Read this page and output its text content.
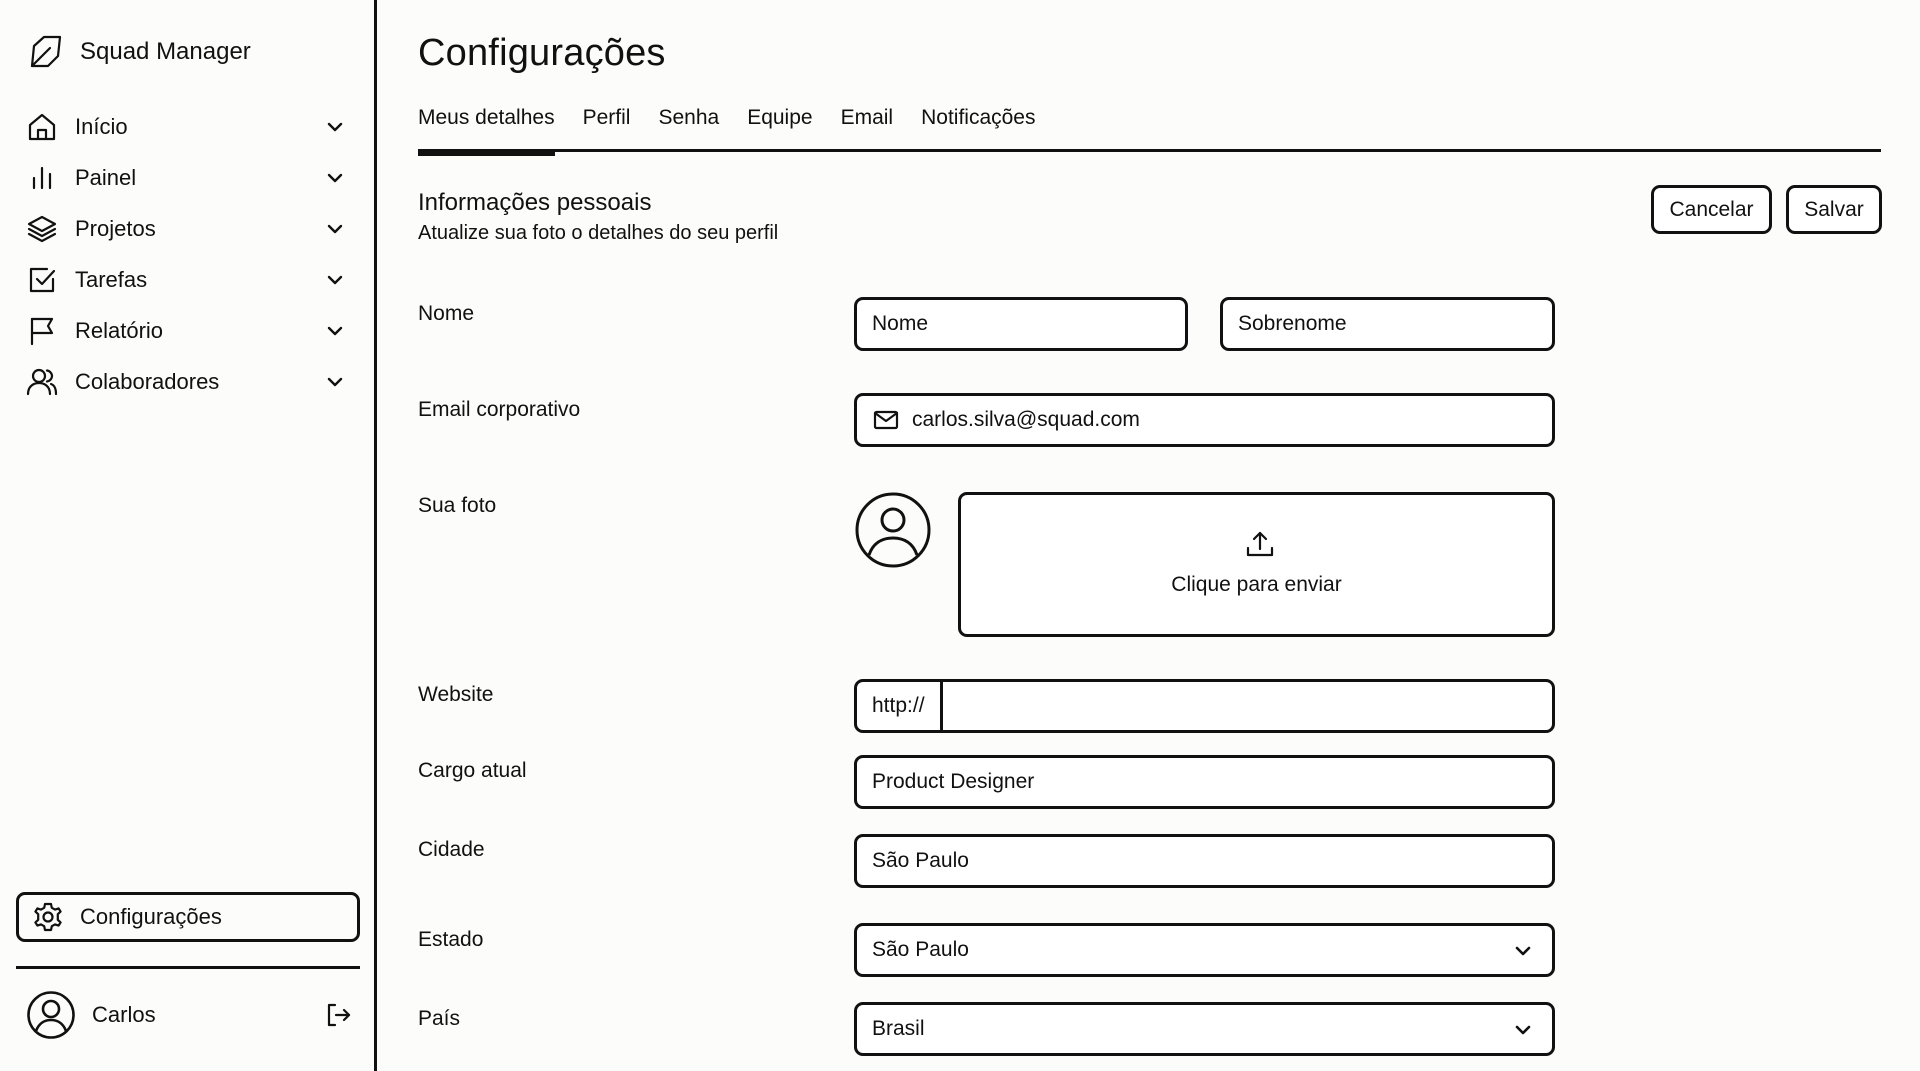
Squad Manager
Início
Painel
Projetos
Tarefas
Relatório
Colaboradores
Configurações
Carlos
Configurações
Meus detalhes Perfil Senha Equipe Email Notificações
Informações pessoais
Atualize sua foto o detalhes do seu perfil
Cancelar	Salvar
Nome	Nome	Sobrenome
Email corporativo	carlos.silva@squad.com
Sua foto
Clique para enviar
Website	http://
Cargo atual	Product Designer
Cidade	São Paulo
Estado	São Paulo
País	Brasil
